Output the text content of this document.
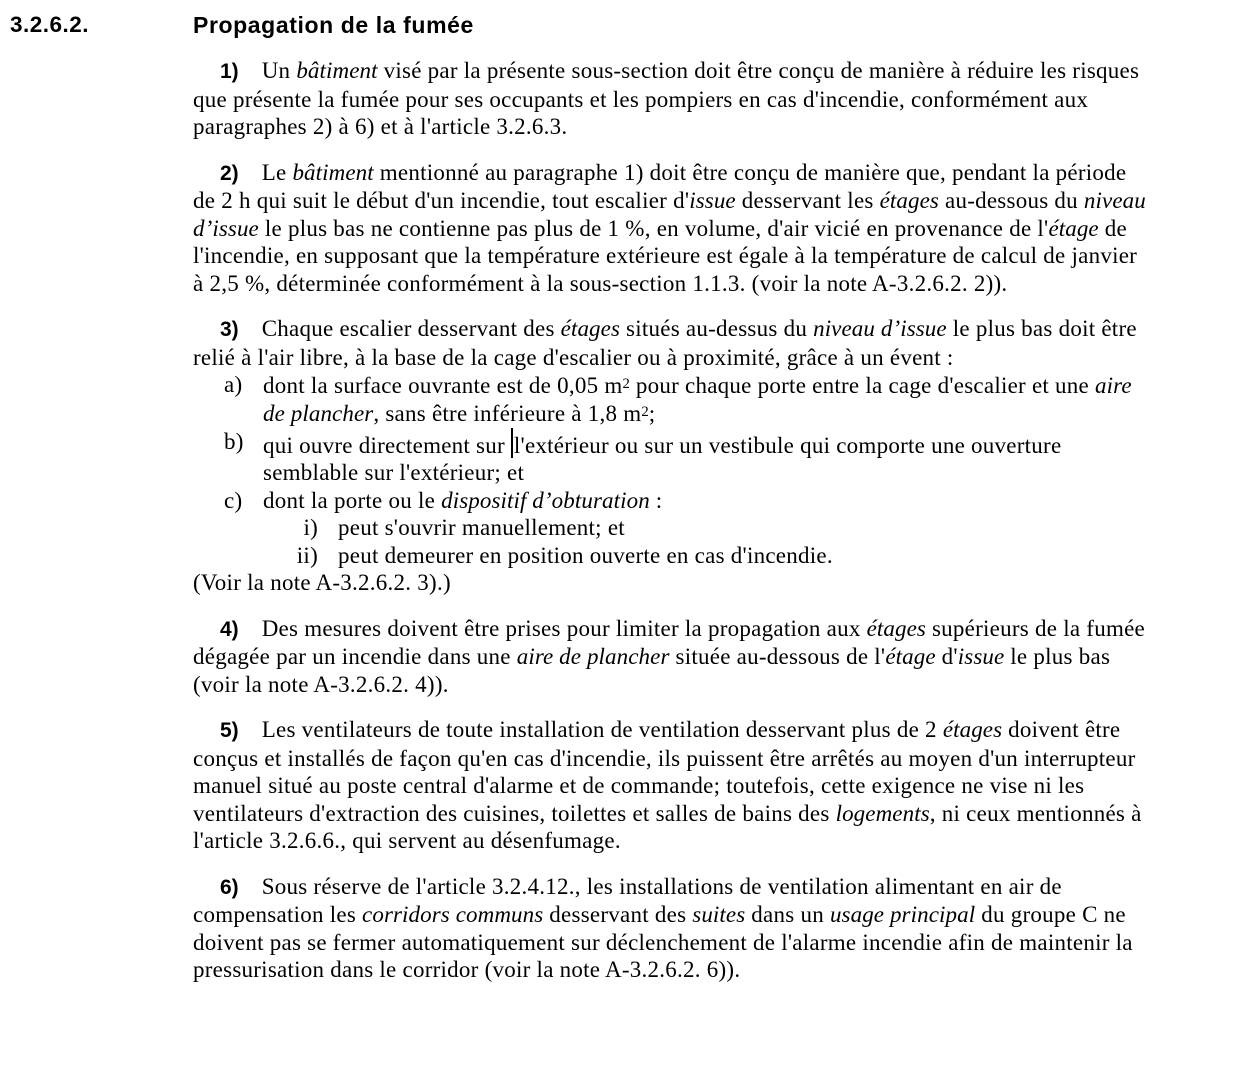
3.2.6.2.	Propagation de la fumée

1) Un bâtiment visé par la présente sous-section doit être conçu de manière à réduire les risques que présente la fumée pour ses occupants et les pompiers en cas d'incendie, conformément aux paragraphes 2) à 6) et à l'article 3.2.6.3.

2) Le bâtiment mentionné au paragraphe 1) doit être conçu de manière que, pendant la période de 2 h qui suit le début d'un incendie, tout escalier d'issue desservant les étages au-dessous du niveau d’issue le plus bas ne contienne pas plus de 1 %, en volume, d'air vicié en provenance de l'étage de l'incendie, en supposant que la température extérieure est égale à la température de calcul de janvier à 2,5 %, déterminée conformément à la sous-section 1.1.3. (voir la note A-3.2.6.2. 2)).

3) Chaque escalier desservant des étages situés au-dessus du niveau d’issue le plus bas doit être relié à l'air libre, à la base de la cage d'escalier ou à proximité, grâce à un évent :

a) dont la surface ouvrante est de 0,05 $m^2$ pour chaque porte entre la cage d'escalier et une aire de plancher, sans être inférieure à 1,8 $m^2$;
b) qui ouvre directement sur l'extérieur ou sur un vestibule qui comporte une ouverture semblable sur l'extérieur; et
c) dont la porte ou le dispositif d’obturation :
i) peut s'ouvrir manuellement; et
ii) peut demeurer en position ouverte en cas d'incendie.

(Voir la note A-3.2.6.2. 3).)

4) Des mesures doivent être prises pour limiter la propagation aux étages supérieurs de la fumée dégagée par un incendie dans une aire de plancher située au-dessous de l'étage d'issue le plus bas (voir la note A-3.2.6.2. 4)).

5) Les ventilateurs de toute installation de ventilation desservant plus de 2 étages doivent être conçus et installés de façon qu'en cas d'incendie, ils puissent être arrêtés au moyen d'un interrupteur manuel situé au poste central d'alarme et de commande; toutefois, cette exigence ne vise ni les ventilateurs d'extraction des cuisines, toilettes et salles de bains des logements, ni ceux mentionnés à l'article 3.2.6.6., qui servent au désenfumage.

6) Sous réserve de l'article 3.2.4.12., les installations de ventilation alimentant en air de compensation les corridors communs desservant des suites dans un usage principal du groupe C ne doivent pas se fermer automatiquement sur déclenchement de l'alarme incendie afin de maintenir la pressurisation dans le corridor (voir la note A-3.2.6.2. 6)).
